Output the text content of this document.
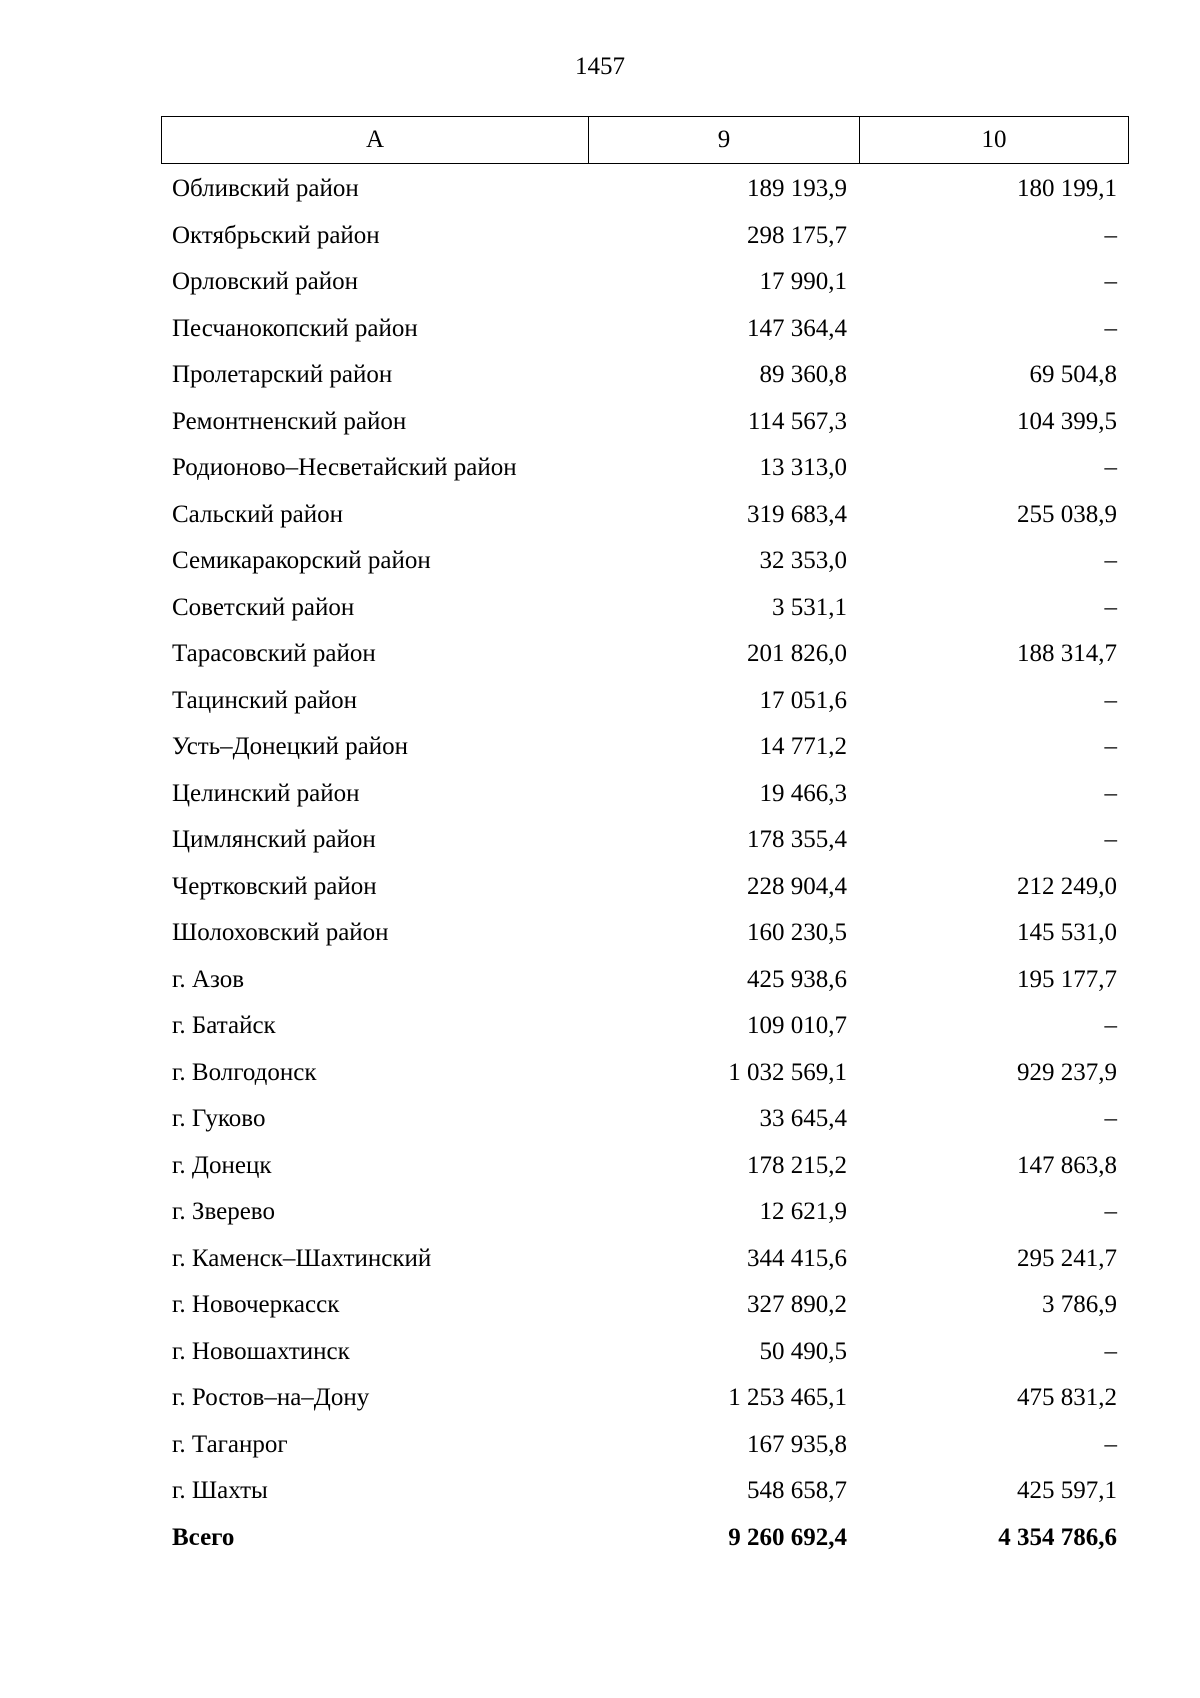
1457
А	9	10
Обливский район	189 193,9	180 199,1
Октябрьский район	298 175,7	–
Орловский район	17 990,1	–
Песчанокопский район	147 364,4	–
Пролетарский район	89 360,8	69 504,8
Ремонтненский район	114 567,3	104 399,5
Родионово–Несветайский район	13 313,0	–
Сальский район	319 683,4	255 038,9
Семикаракорский район	32 353,0	–
Советский район	3 531,1	–
Тарасовский район	201 826,0	188 314,7
Тацинский район	17 051,6	–
Усть–Донецкий район	14 771,2	–
Целинский район	19 466,3	–
Цимлянский район	178 355,4	–
Чертковский район	228 904,4	212 249,0
Шолоховский район	160 230,5	145 531,0
г. Азов	425 938,6	195 177,7
г. Батайск	109 010,7	–
г. Волгодонск	1 032 569,1	929 237,9
г. Гуково	33 645,4	–
г. Донецк	178 215,2	147 863,8
г. Зверево	12 621,9	–
г. Каменск–Шахтинский	344 415,6	295 241,7
г. Новочеркасск	327 890,2	3 786,9
г. Новошахтинск	50 490,5	–
г. Ростов–на–Дону	1 253 465,1	475 831,2
г. Таганрог	167 935,8	–
г. Шахты	548 658,7	425 597,1
Всего	9 260 692,4	4 354 786,6
